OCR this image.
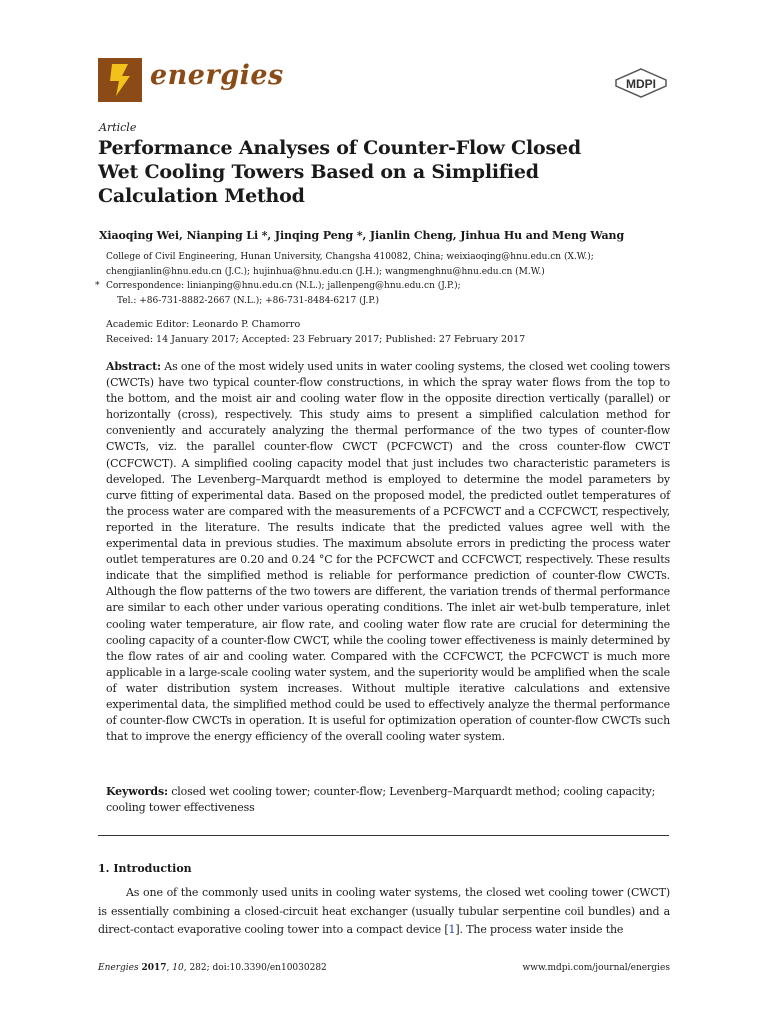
energies	MDPI
Article
Performance Analyses of Counter-Flow Closed
Wet Cooling Towers Based on a Simplified
Calculation Method
Xiaoqing Wei, Nianping Li *, Jinqing Peng *, Jianlin Cheng, Jinhua Hu and Meng Wang
College of Civil Engineering, Hunan University, Changsha 410082, China; weixiaoqing@hnu.edu.cn (X.W.);
chengjianlin@hnu.edu.cn (J.C.); hujinhua@hnu.edu.cn (J.H.); wangmenghnu@hnu.edu.cn (M.W.)
* Correspondence: linianping@hnu.edu.cn (N.L.); jallenpeng@hnu.edu.cn (J.P.);
Tel.: +86-731-8882-2667 (N.L.); +86-731-8484-6217 (J.P.)
Academic Editor: Leonardo P. Chamorro
Received: 14 January 2017; Accepted: 23 February 2017; Published: 27 February 2017
Abstract: As one of the most widely used units in water cooling systems, the closed wet cooling towers (CWCTs) have two typical counter-flow constructions, in which the spray water flows from the top to the bottom, and the moist air and cooling water flow in the opposite direction vertically (parallel) or horizontally (cross), respectively. This study aims to present a simplified calculation method for conveniently and accurately analyzing the thermal performance of the two types of counter-flow CWCTs, viz. the parallel counter-flow CWCT (PCFCWCT) and the cross counter-flow CWCT (CCFCWCT). A simplified cooling capacity model that just includes two characteristic parameters is developed. The Levenberg–Marquardt method is employed to determine the model parameters by curve fitting of experimental data. Based on the proposed model, the predicted outlet temperatures of the process water are compared with the measurements of a PCFCWCT and a CCFCWCT, respectively, reported in the literature. The results indicate that the predicted values agree well with the experimental data in previous studies. The maximum absolute errors in predicting the process water outlet temperatures are 0.20 and 0.24 °C for the PCFCWCT and CCFCWCT, respectively. These results indicate that the simplified method is reliable for performance prediction of counter-flow CWCTs. Although the flow patterns of the two towers are different, the variation trends of thermal performance are similar to each other under various operating conditions. The inlet air wet-bulb temperature, inlet cooling water temperature, air flow rate, and cooling water flow rate are crucial for determining the cooling capacity of a counter-flow CWCT, while the cooling tower effectiveness is mainly determined by the flow rates of air and cooling water. Compared with the CCFCWCT, the PCFCWCT is much more applicable in a large-scale cooling water system, and the superiority would be amplified when the scale of water distribution system increases. Without multiple iterative calculations and extensive experimental data, the simplified method could be used to effectively analyze the thermal performance of counter-flow CWCTs in operation. It is useful for optimization operation of counter-flow CWCTs such that to improve the energy efficiency of the overall cooling water system.
Keywords: closed wet cooling tower; counter-flow; Levenberg–Marquardt method; cooling capacity; cooling tower effectiveness
1. Introduction
As one of the commonly used units in cooling water systems, the closed wet cooling tower (CWCT) is essentially combining a closed-circuit heat exchanger (usually tubular serpentine coil bundles) and a direct-contact evaporative cooling tower into a compact device [1]. The process water inside the
Energies 2017, 10, 282; doi:10.3390/en10030282	www.mdpi.com/journal/energies
